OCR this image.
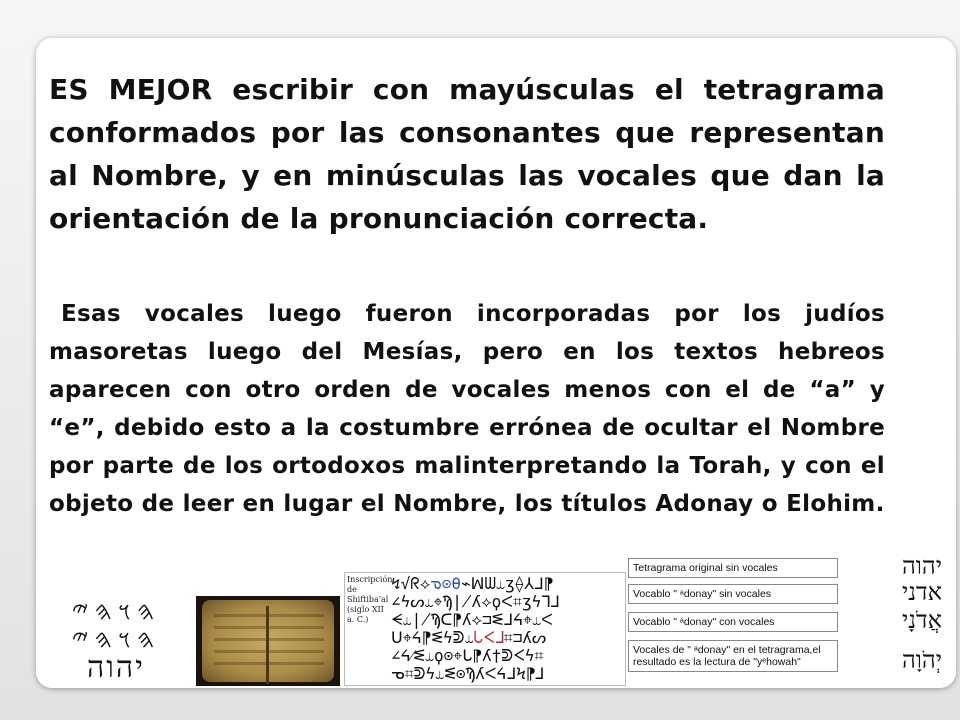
ES MEJOR escribir con mayúsculas el tetragrama conformados por las consonantes que representan al Nombre, y en minúsculas las vocales que dan la orientación de la pronunciación correcta.

Esas vocales luego fueron incorporadas por los judíos masoretas luego del Mesías, pero en los textos hebreos aparecen con otro orden de vocales menos con el de “a” y “e”, debido esto a la costumbre errónea de ocultar el Nombre por parte de los ortodoxos malinterpretando la Torah, y con el objeto de leer en lugar el Nombre, los títulos Adonay o Elohim.

𐤄𐤅𐤄𐤉
𐤄𐤅𐤄𐤉
יהוה
Inscripción de Shiftiba'al (siglo XII a. C.)
↯√ᖇ⟡ᓀ⊙θ⌁ꟽᗯ⥿ʒ⟠⅄ᒧ⁋
∠ϟᔕ⥿⌖Ϡ∤ʎ⟡ϙᐸ⌗ʒϟᒣ⅃
ᗕ⥿∤Ϡᑕ⁋ʎ⟡⊐ᓬᒧᔦ⌖⥿ᐸ
ᑌ⌖ᔦ⁋ᓬϟᕲ⥿ᒐᐸ⅃⌗⊐ʎᔕ
∠ᔦ⁄ᓬ⥿ϙ⊙⌖ᒐ⁋ʎ†ᕲᐸϟ⌗
ᓀ⌗ᕲϟ⥿ᓬ⊙ϠʎᐸᔦᒧϞ⁋⅃
Tetragrama original sin vocales	יהוה
Vocablo " ᵃdonay" sin vocales	אדני
Vocablo " ᵃdonay" con vocales	אֲדֹנָי
Vocales de " ᵃdonay" en el tetragrama,el resultado es la lectura de "yᵉhowah"	יְהֹוָה
